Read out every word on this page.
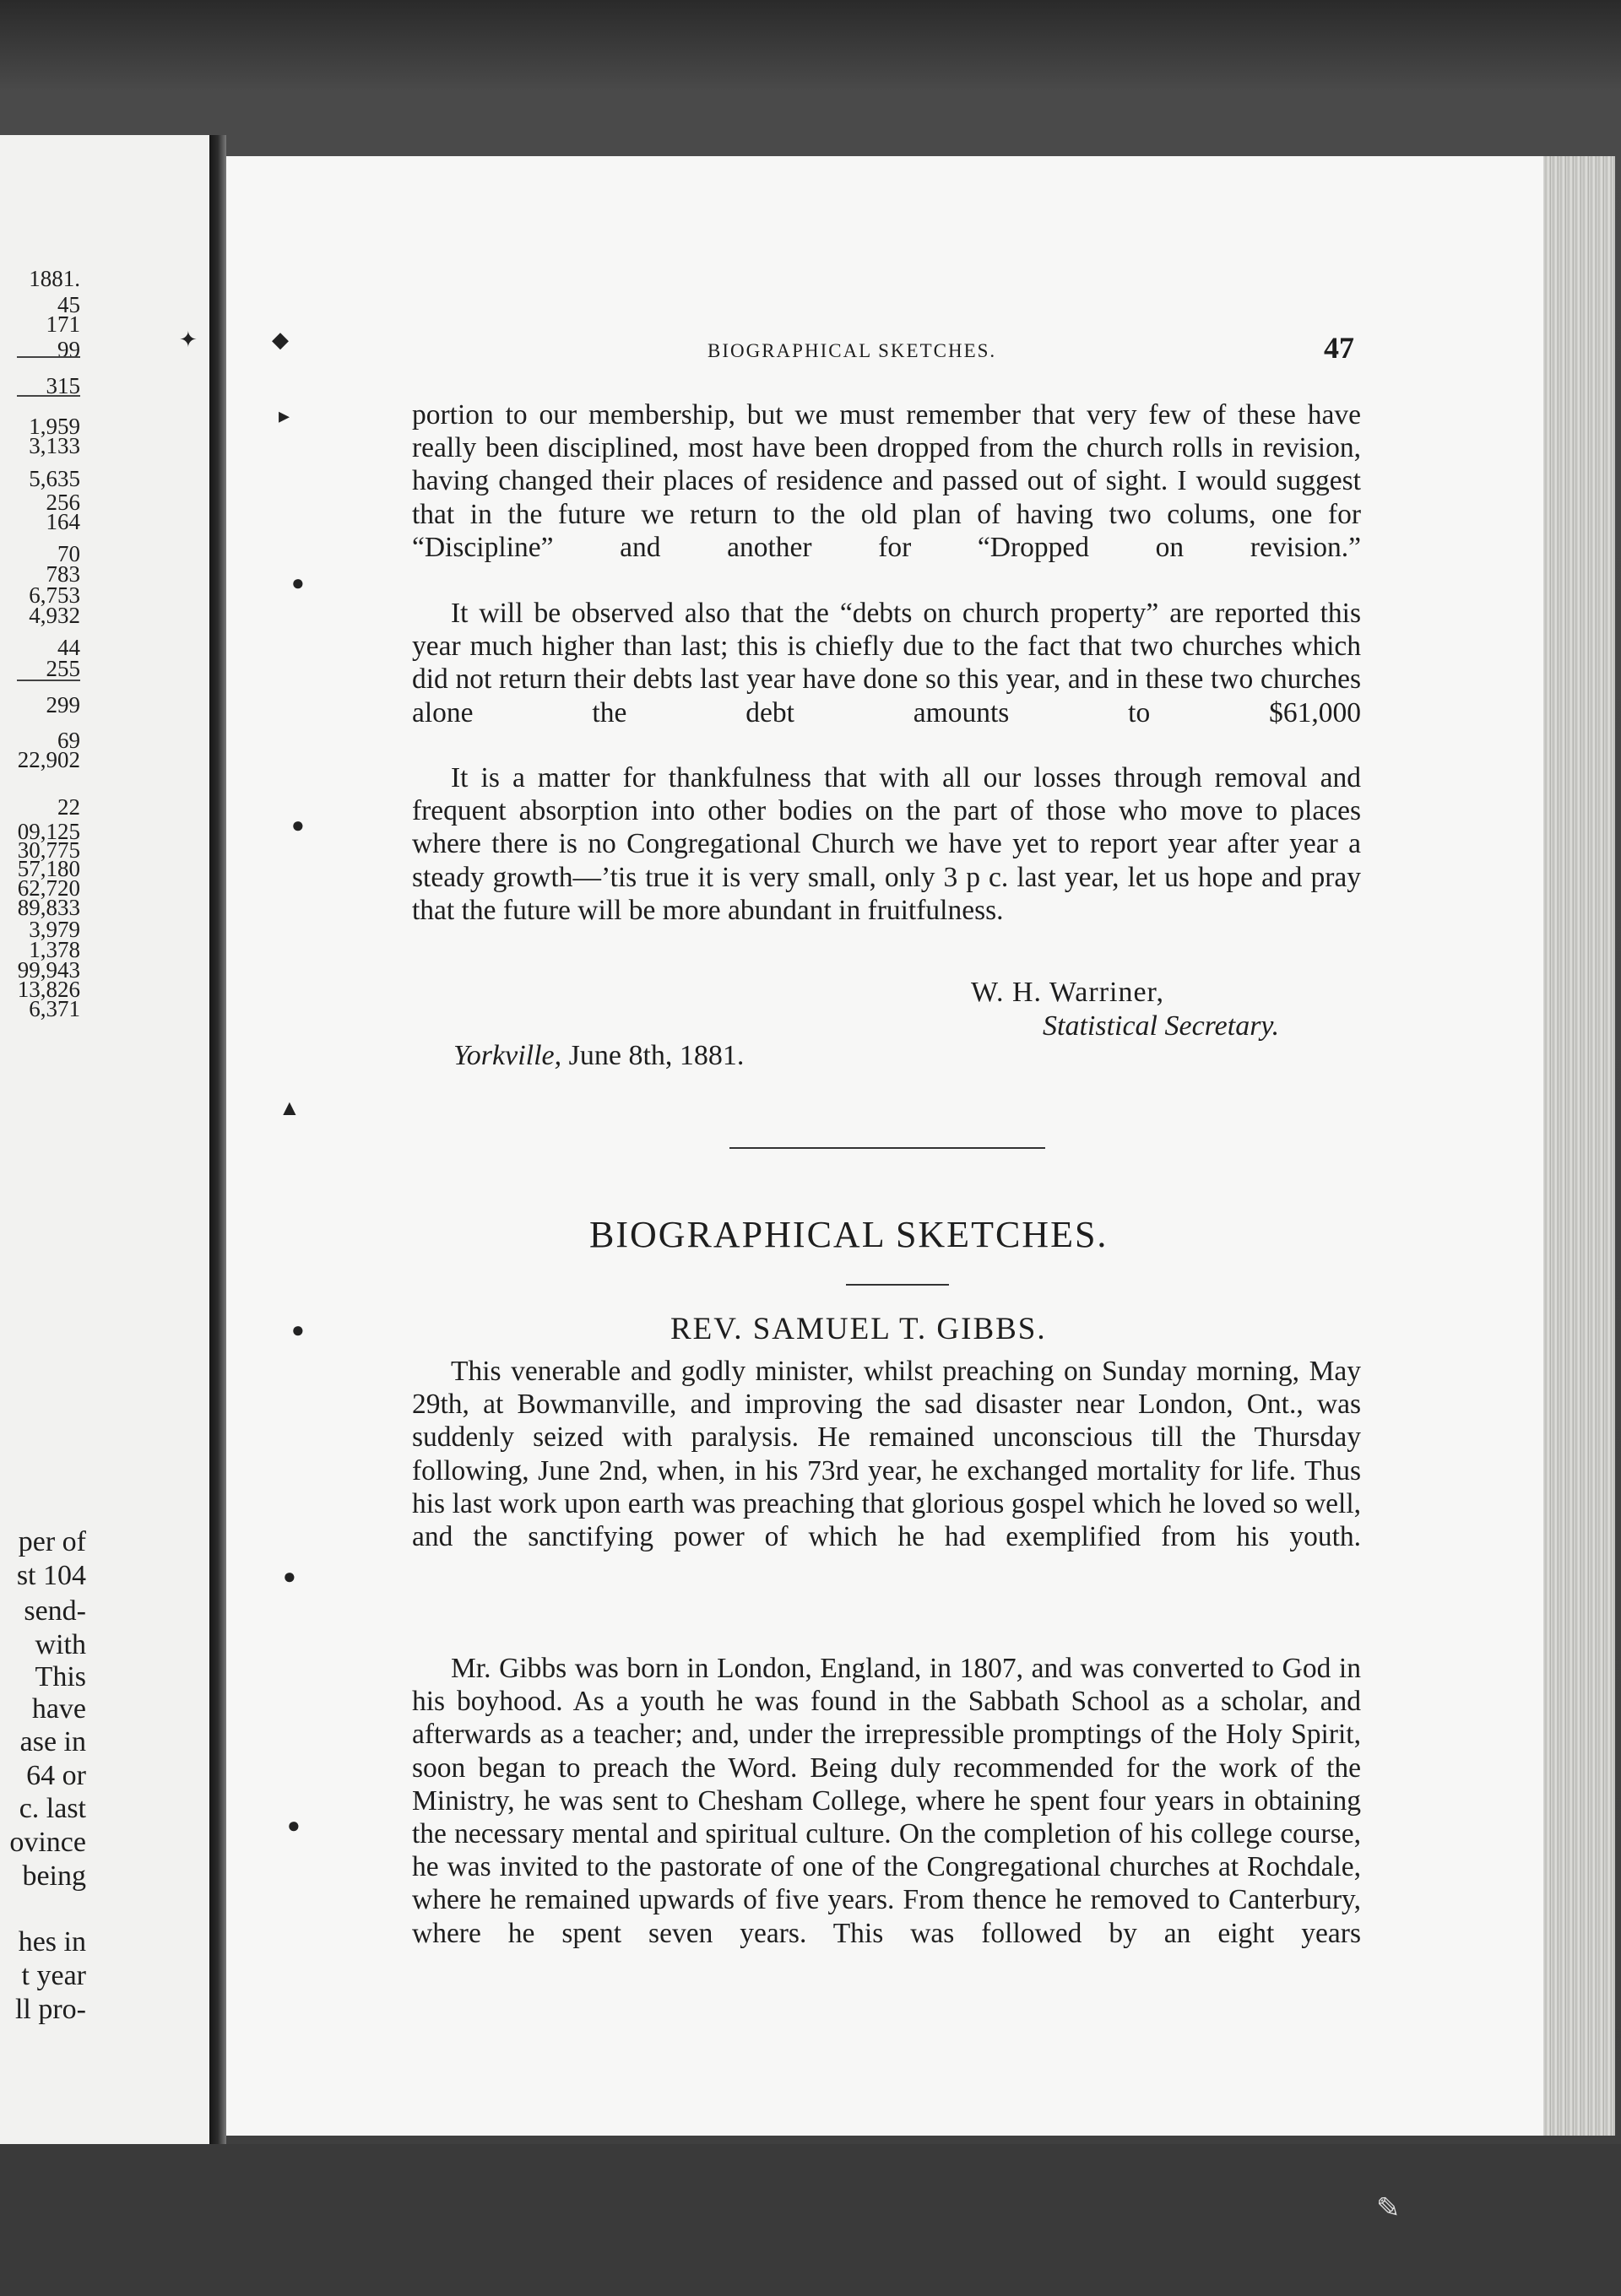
1881.
45
171
99
315
1,959
3,133
5,635
256
164
70
783
6,753
4,932
44
255
299
69
22,902
22
09,125
30,775
57,180
62,720
89,833
3,979
1,378
99,943
13,826
6,371
per of
st 104
send-
with
This
have
ase in
64 or
c. last
ovince
being
hes in
t year
ll pro-
✦	◆
▸
●
●
▲
●
●
●
✎
BIOGRAPHICAL SKETCHES.	47

portion to our membership, but we must remember that very few of these have really been disciplined, most have been dropped from the church rolls in revision, having changed their places of residence and passed out of sight. I would suggest that in the future we return to the old plan of having two colums, one for “Discipline” and another for “Dropped on revision.”

It will be observed also that the “debts on church property” are reported this year much higher than last; this is chiefly due to the fact that two churches which did not return their debts last year have done so this year, and in these two churches alone the debt amounts to $61,000

It is a matter for thankfulness that with all our losses through removal and frequent absorption into other bodies on the part of those who move to places where there is no Congregational Church we have yet to report year after year a steady growth—’tis true it is very small, only 3 p c. last year, let us hope and pray that the future will be more abundant in fruitfulness.

W. H. Warriner,
Statistical Secretary.
Yorkville, June 8th, 1881.
BIOGRAPHICAL SKETCHES.
REV. SAMUEL T. GIBBS.

This venerable and godly minister, whilst preaching on Sunday morning, May 29th, at Bowmanville, and improving the sad disaster near London, Ont., was suddenly seized with paralysis. He remained unconscious till the Thursday following, June 2nd, when, in his 73rd year, he exchanged mortality for life. Thus his last work upon earth was preaching that glorious gospel which he loved so well, and the sanctifying power of which he had exemplified from his youth.

Mr. Gibbs was born in London, England, in 1807, and was converted to God in his boyhood. As a youth he was found in the Sabbath School as a scholar, and afterwards as a teacher; and, under the irrepressible promptings of the Holy Spirit, soon began to preach the Word. Being duly recommended for the work of the Ministry, he was sent to Chesham College, where he spent four years in obtaining the necessary mental and spiritual culture. On the completion of his college course, he was invited to the pastorate of one of the Congregational churches at Rochdale, where he remained upwards of five years. From thence he removed to Canterbury, where he spent seven years. This was followed by an eight years
